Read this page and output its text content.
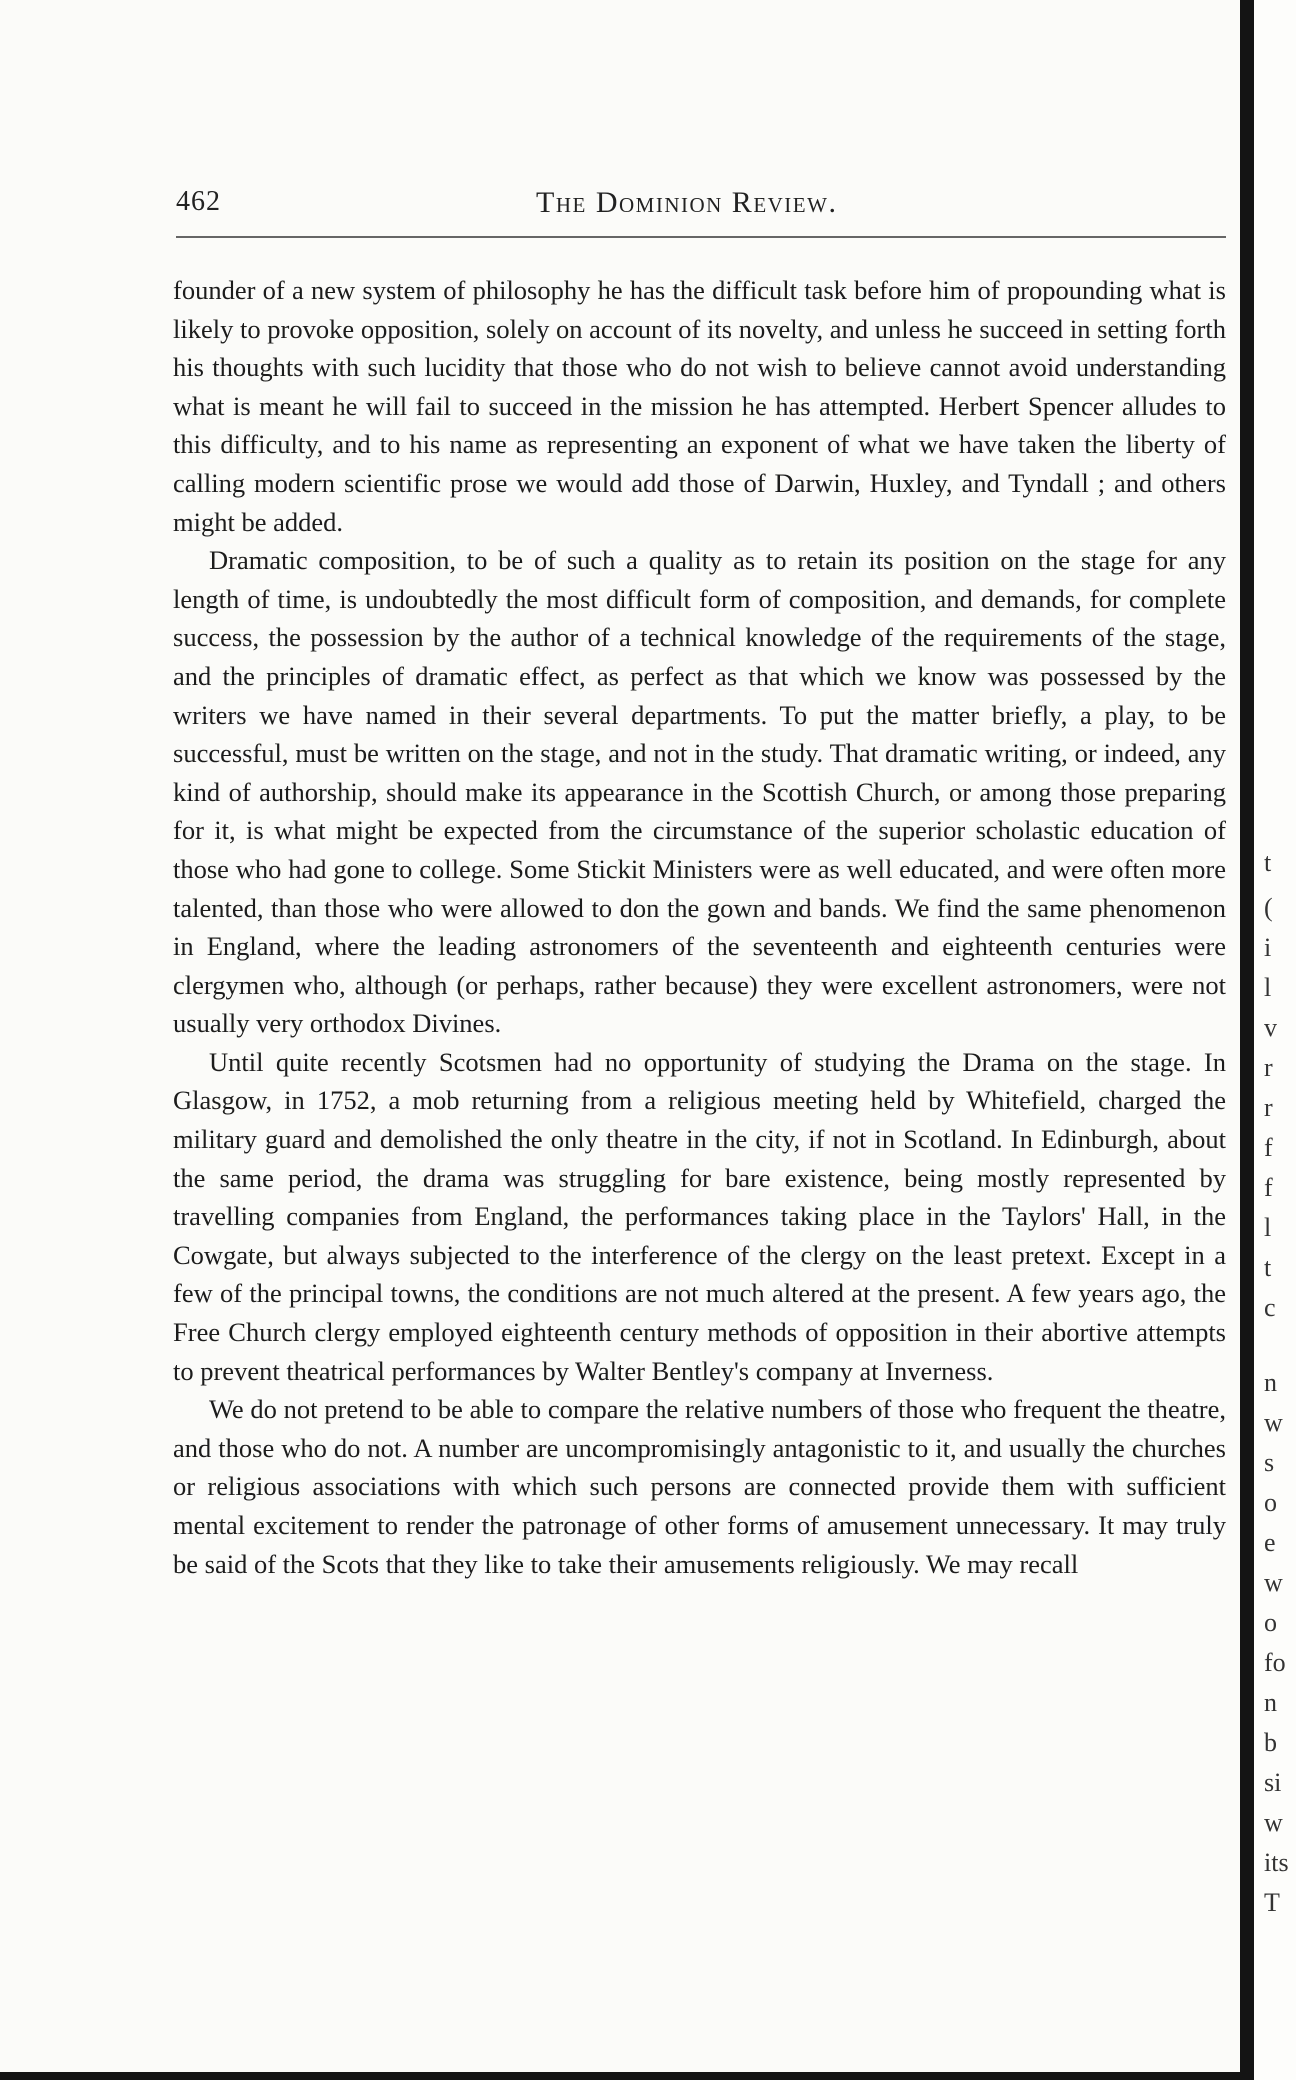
462	The Dominion Review.

founder of a new system of philosophy he has the difficult task before him of propounding what is likely to provoke opposition, solely on account of its novelty, and unless he succeed in setting forth his thoughts with such lucidity that those who do not wish to believe cannot avoid understanding what is meant he will fail to succeed in the mission he has attempted. Herbert Spencer alludes to this difficulty, and to his name as representing an exponent of what we have taken the liberty of calling modern scientific prose we would add those of Darwin, Huxley, and Tyndall ; and others might be added.

Dramatic composition, to be of such a quality as to retain its position on the stage for any length of time, is undoubtedly the most difficult form of composition, and demands, for complete success, the possession by the author of a technical knowledge of the requirements of the stage, and the principles of dramatic effect, as perfect as that which we know was possessed by the writers we have named in their several departments. To put the matter briefly, a play, to be successful, must be written on the stage, and not in the study. That dramatic writing, or indeed, any kind of authorship, should make its appearance in the Scottish Church, or among those preparing for it, is what might be expected from the circumstance of the superior scholastic education of those who had gone to college. Some Stickit Ministers were as well educated, and were often more talented, than those who were allowed to don the gown and bands. We find the same phenomenon in England, where the leading astronomers of the seventeenth and eighteenth centuries were clergymen who, although (or perhaps, rather because) they were excellent astronomers, were not usually very orthodox Divines.

Until quite recently Scotsmen had no opportunity of studying the Drama on the stage. In Glasgow, in 1752, a mob returning from a religious meeting held by Whitefield, charged the military guard and demolished the only theatre in the city, if not in Scotland. In Edinburgh, about the same period, the drama was struggling for bare existence, being mostly represented by travelling companies from England, the performances taking place in the Taylors' Hall, in the Cowgate, but always subjected to the interference of the clergy on the least pretext. Except in a few of the principal towns, the conditions are not much altered at the present. A few years ago, the Free Church clergy employed eighteenth century methods of opposition in their abortive attempts to prevent theatrical performances by Walter Bentley's company at Inverness.

We do not pretend to be able to compare the relative numbers of those who frequent the theatre, and those who do not. A number are uncompromisingly antagonistic to it, and usually the churches or religious associations with which such persons are connected provide them with sufficient mental excitement to render the patronage of other forms of amusement unnecessary. It may truly be said of the Scots that they like to take their amusements religiously. We may recall

t
(
i
l
v
r
r
f
f
l
t
c
n
w
s
o
e
w
o
fo
n
b
si
w
its
T
